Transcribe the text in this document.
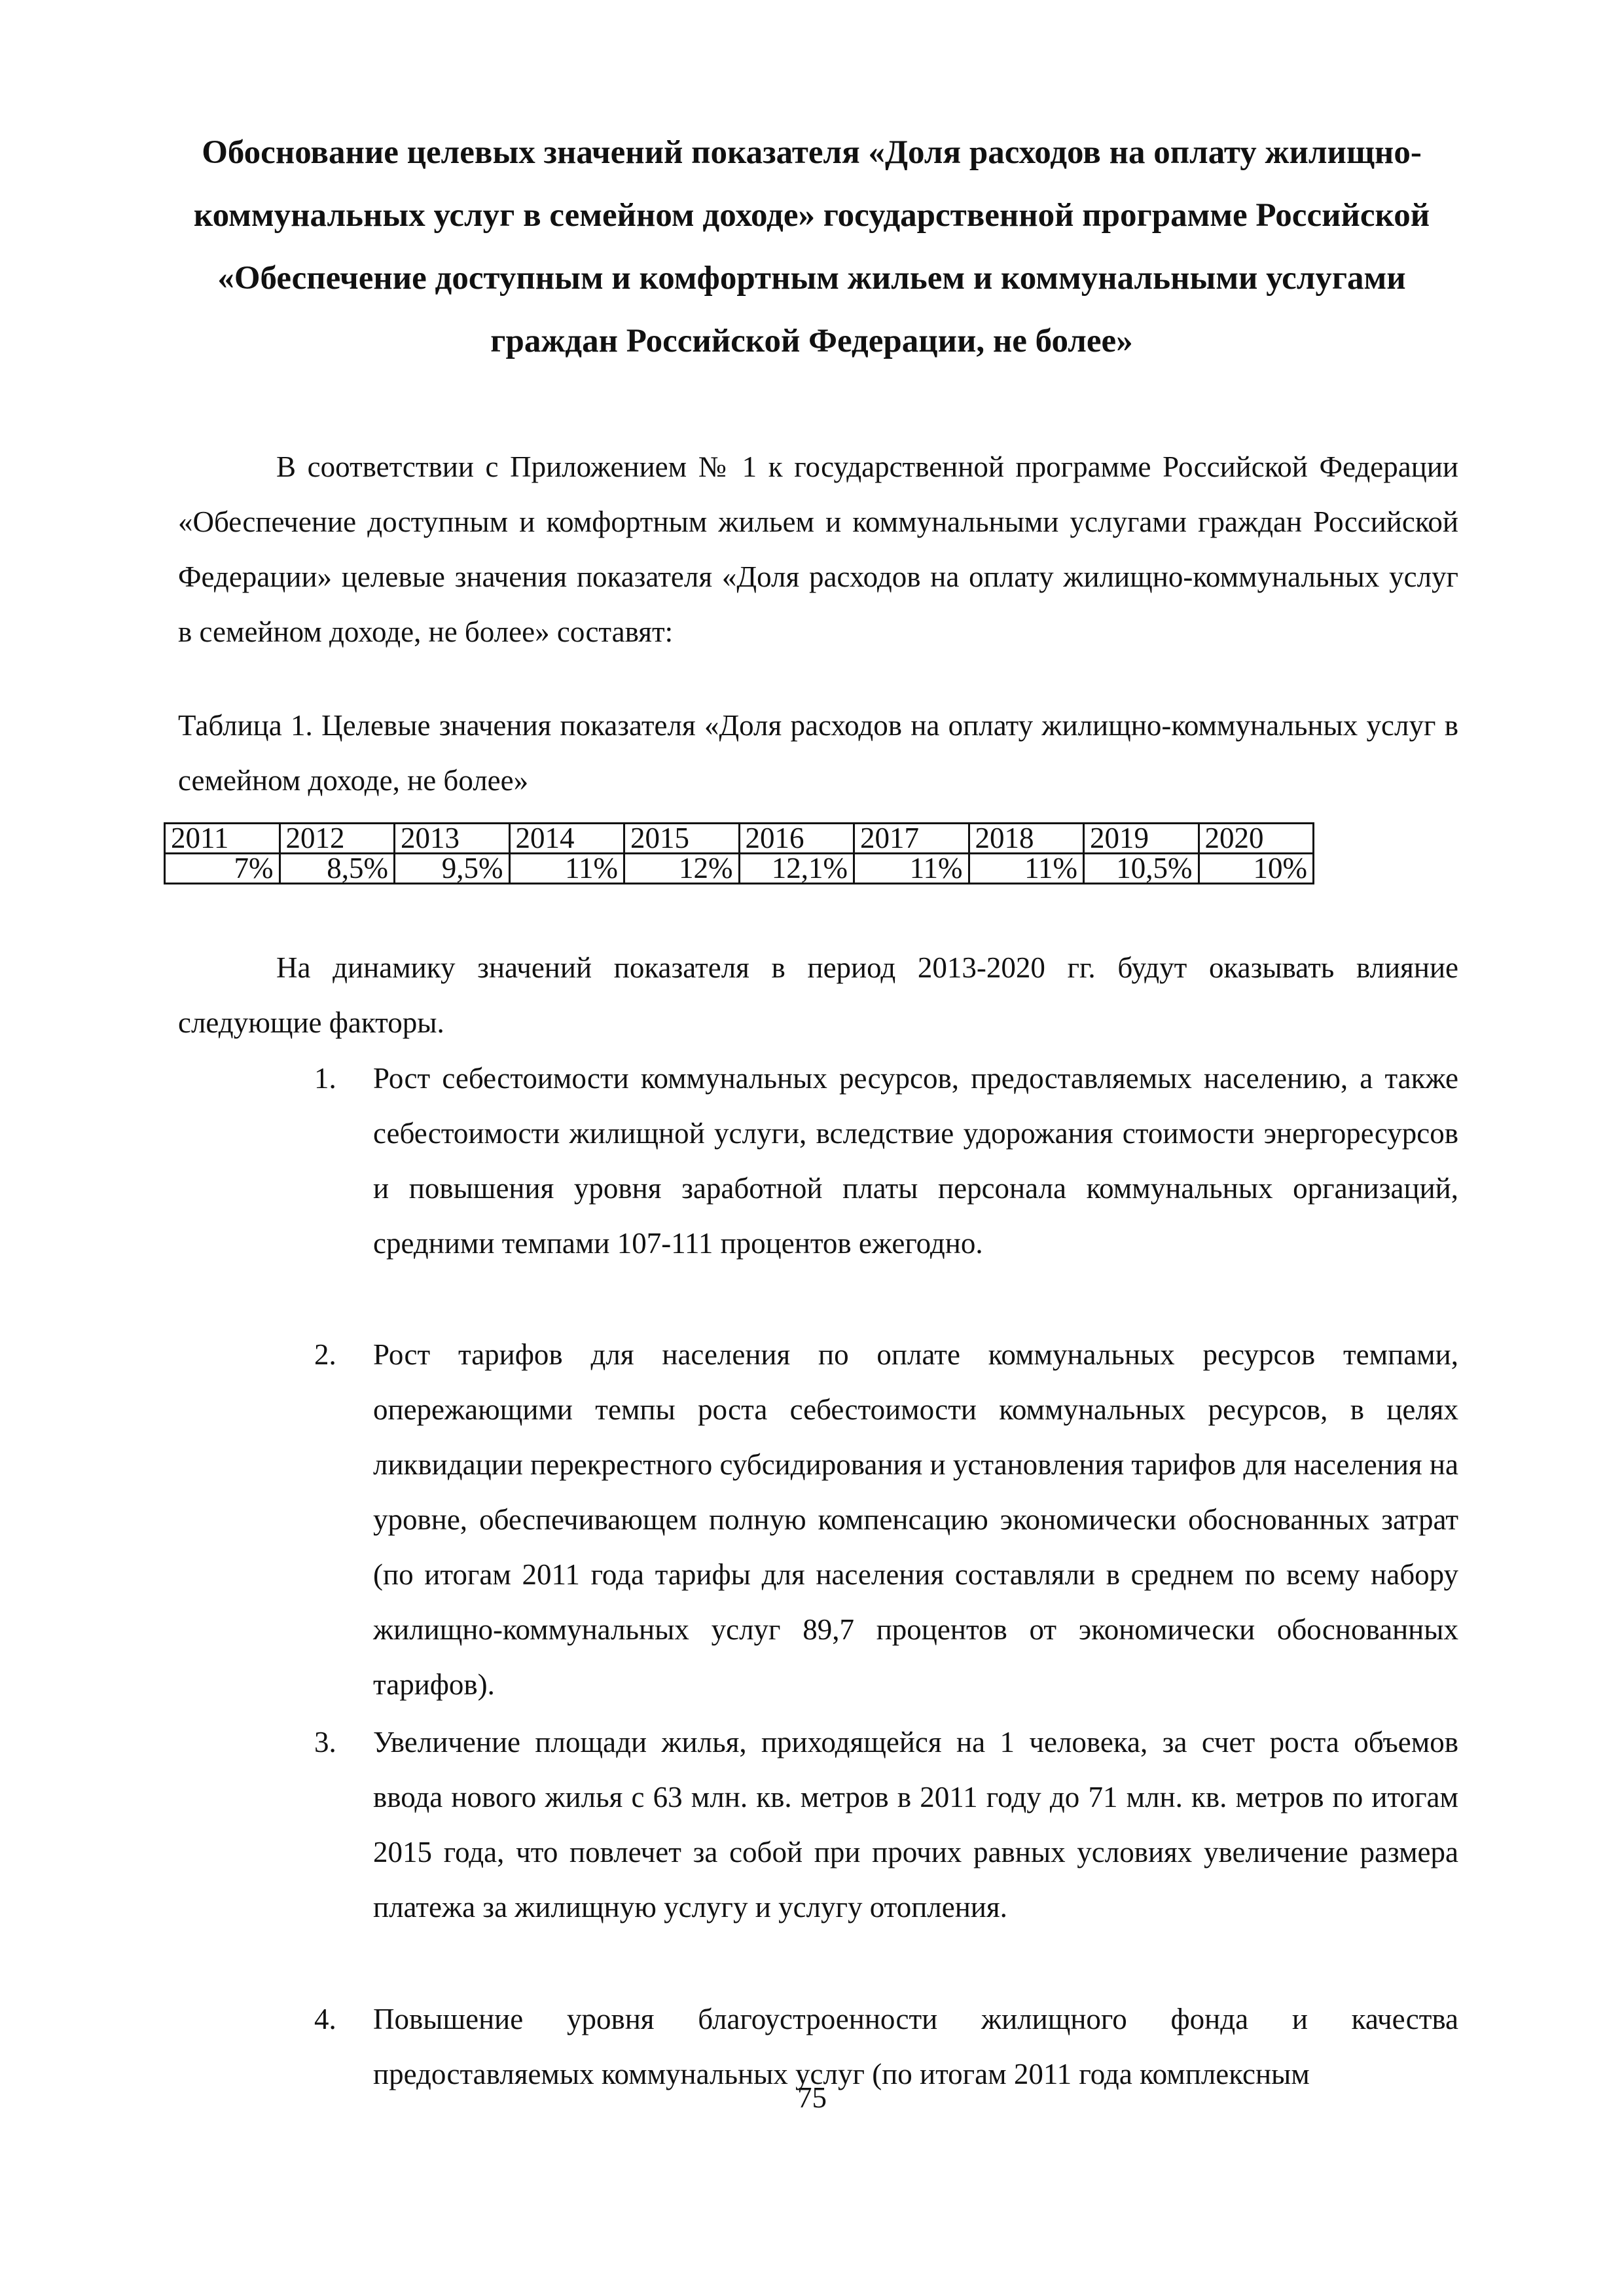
Обоснование целевых значений показателя «Доля расходов на оплату жилищно-коммунальных услуг в семейном доходе» государственной программе Российской «Обеспечение доступным и комфортным жильем и коммунальными услугами граждан Российской Федерации, не более»
В соответствии с Приложением № 1 к государственной программе Российской Федерации «Обеспечение доступным и комфортным жильем и коммунальными услугами граждан Российской Федерации» целевые значения показателя «Доля расходов на оплату жилищно-коммунальных услуг в семейном доходе, не более» составят:
Таблица 1. Целевые значения показателя «Доля расходов на оплату жилищно-коммунальных услуг в семейном доходе, не более»
2011	2012	2013	2014	2015	2016	2017	2018	2019	2020
7%	8,5%	9,5%	11%	12%	12,1%	11%	11%	10,5%	10%
На динамику значений показателя в период 2013-2020 гг. будут оказывать влияние следующие факторы.
1.	Рост себестоимости коммунальных ресурсов, предоставляемых населению, а также себестоимости жилищной услуги, вследствие удорожания стоимости энергоресурсов и повышения уровня заработной платы персонала коммунальных организаций, средними темпами 107-111 процентов ежегодно.
2.	Рост тарифов для населения по оплате коммунальных ресурсов темпами, опережающими темпы роста себестоимости коммунальных ресурсов, в целях ликвидации перекрестного субсидирования и установления тарифов для населения на уровне, обеспечивающем полную компенсацию экономически обоснованных затрат (по итогам 2011 года тарифы для населения составляли в среднем по всему набору жилищно-коммунальных услуг 89,7 процентов от экономически обоснованных тарифов).
3.	Увеличение площади жилья, приходящейся на 1 человека, за счет роста объемов ввода нового жилья с 63 млн. кв. метров в 2011 году до 71 млн. кв. метров по итогам 2015 года, что повлечет за собой при прочих равных условиях увеличение размера платежа за жилищную услугу и услугу отопления.
4.	Повышение уровня благоустроенности жилищного фонда и качества предоставляемых коммунальных услуг (по итогам 2011 года комплексным
75
